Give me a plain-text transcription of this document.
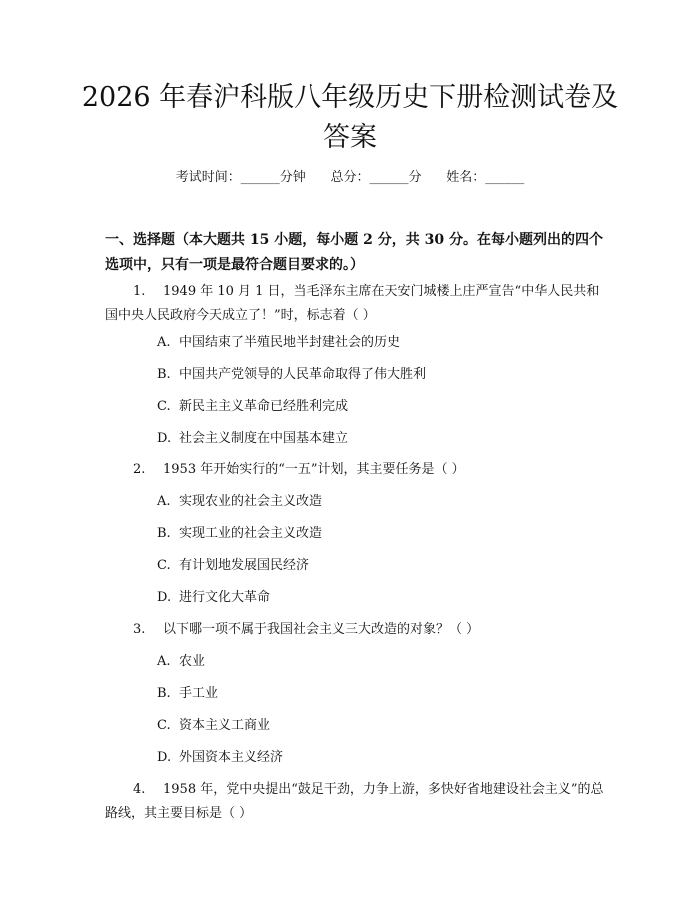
2026 年春沪科版八年级历史下册检测试卷及答案
考试时间：______分钟      总分：______分      姓名：______

一、选择题（本大题共 15 小题，每小题 2 分，共 30 分。在每小题列出的四个选项中，只有一项是最符合题目要求的。）

1. 1949 年 10 月 1 日，当毛泽东主席在天安门城楼上庄严宣告“中华人民共和国中央人民政府今天成立了！”时，标志着（ ）
A. 中国结束了半殖民地半封建社会的历史
B. 中国共产党领导的人民革命取得了伟大胜利
C. 新民主主义革命已经胜利完成
D. 社会主义制度在中国基本建立
2. 1953 年开始实行的“一五”计划，其主要任务是（ ）
A. 实现农业的社会主义改造
B. 实现工业的社会主义改造
C. 有计划地发展国民经济
D. 进行文化大革命
3. 以下哪一项不属于我国社会主义三大改造的对象？（ ）
A. 农业
B. 手工业
C. 资本主义工商业
D. 外国资本主义经济
4. 1958 年，党中央提出“鼓足干劲，力争上游，多快好省地建设社会主义”的总路线，其主要目标是（ ）
